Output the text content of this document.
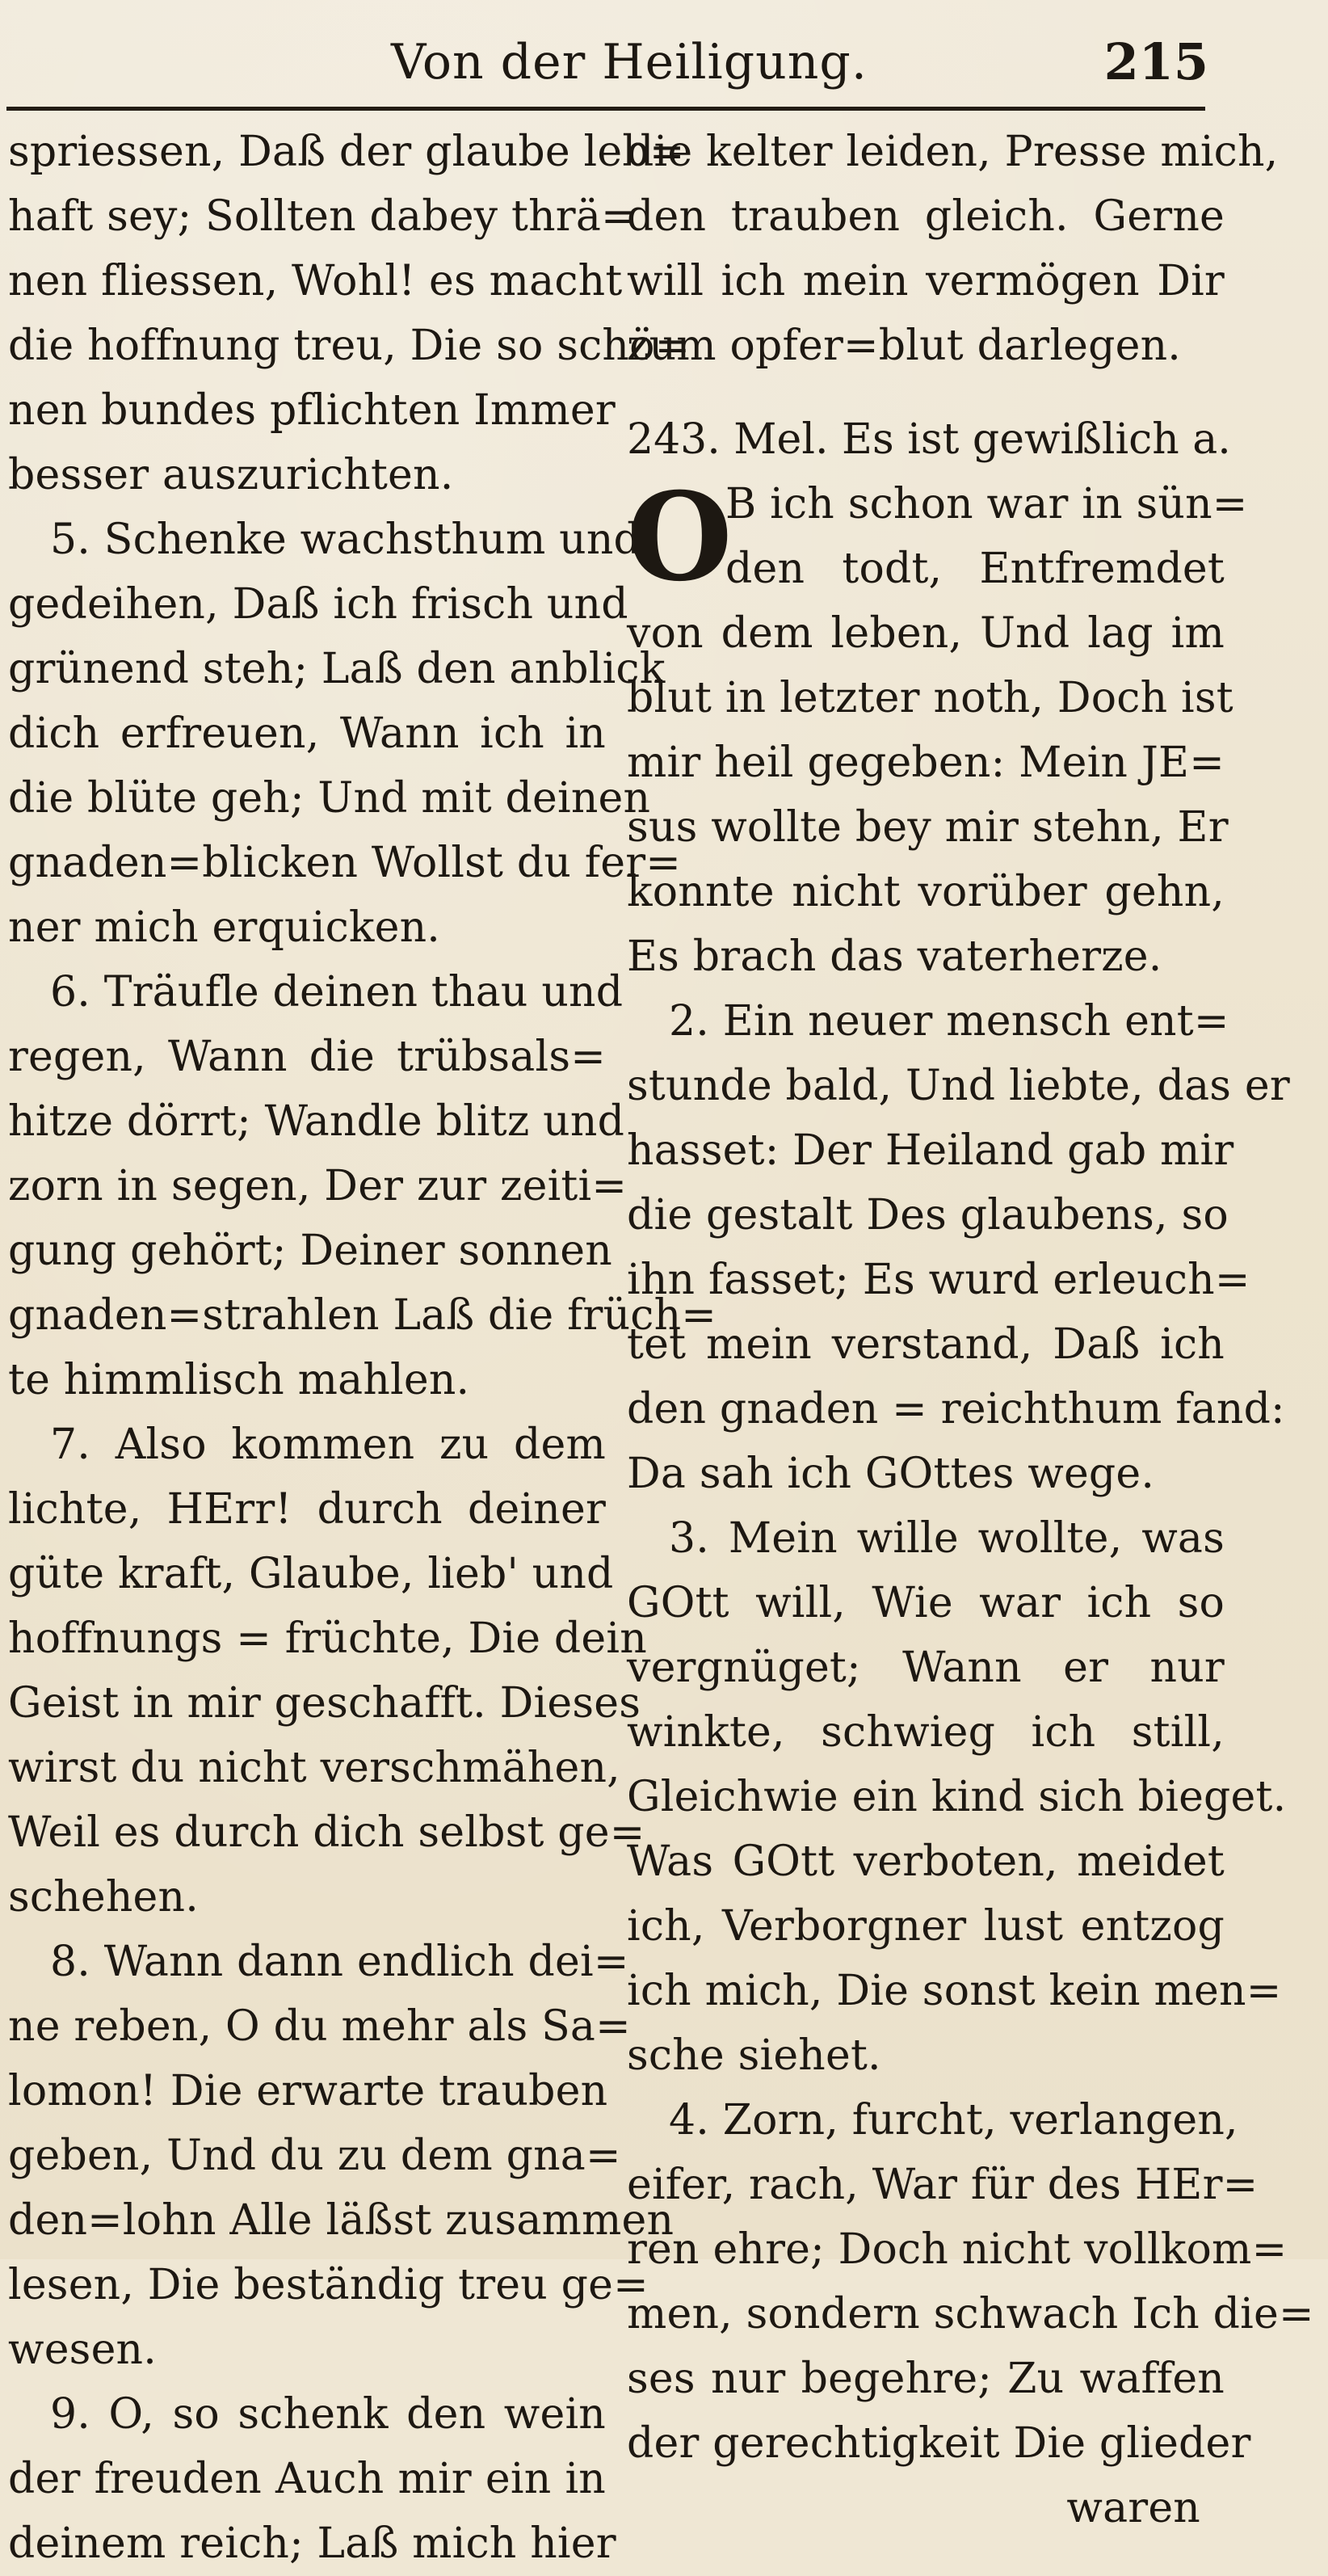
Von der Heiligung.	215
spriessen, Daß der glaube leb=
haft sey; Sollten dabey thrä=
nen fliessen, Wohl! es macht
die hoffnung treu, Die so schö=
nen bundes pflichten Immer
besser auszurichten.
5. Schenke wachsthum und
gedeihen, Daß ich frisch und
grünend steh; Laß den anblick
dich erfreuen, Wann ich in
die blüte geh; Und mit deinen
gnaden=blicken Wollst du fer=
ner mich erquicken.
6. Träufle deinen thau und
regen, Wann die trübsals=
hitze dörrt; Wandle blitz und
zorn in segen, Der zur zeiti=
gung gehört; Deiner sonnen
gnaden=strahlen Laß die früch=
te himmlisch mahlen.
7. Also kommen zu dem
lichte, HErr! durch deiner
güte kraft, Glaube, lieb' und
hoffnungs = früchte, Die dein
Geist in mir geschafft. Dieses
wirst du nicht verschmähen,
Weil es durch dich selbst ge=
schehen.
8. Wann dann endlich dei=
ne reben, O du mehr als Sa=
lomon! Die erwarte trauben
geben, Und du zu dem gna=
den=lohn Alle läßst zusammen
lesen, Die beständig treu ge=
wesen.
9. O, so schenk den wein
der freuden Auch mir ein in
deinem reich; Laß mich hier
die kelter leiden, Presse mich,
den trauben gleich. Gerne
will ich mein vermögen Dir
zum opfer=blut darlegen.
243. Mel. Es ist gewißlich a.
O
B ich schon war in sün=
den todt, Entfremdet
von dem leben, Und lag im
blut in letzter noth, Doch ist
mir heil gegeben: Mein JE=
sus wollte bey mir stehn, Er
konnte nicht vorüber gehn,
Es brach das vaterherze.
2. Ein neuer mensch ent=
stunde bald, Und liebte, das er
hasset: Der Heiland gab mir
die gestalt Des glaubens, so
ihn fasset; Es wurd erleuch=
tet mein verstand, Daß ich
den gnaden = reichthum fand:
Da sah ich GOttes wege.
3. Mein wille wollte, was
GOtt will, Wie war ich so
vergnüget; Wann er nur
winkte, schwieg ich still,
Gleichwie ein kind sich bieget.
Was GOtt verboten, meidet
ich, Verborgner lust entzog
ich mich, Die sonst kein men=
sche siehet.
4. Zorn, furcht, verlangen,
eifer, rach, War für des HEr=
ren ehre; Doch nicht vollkom=
men, sondern schwach Ich die=
ses nur begehre; Zu waffen
der gerechtigkeit Die glieder
waren
